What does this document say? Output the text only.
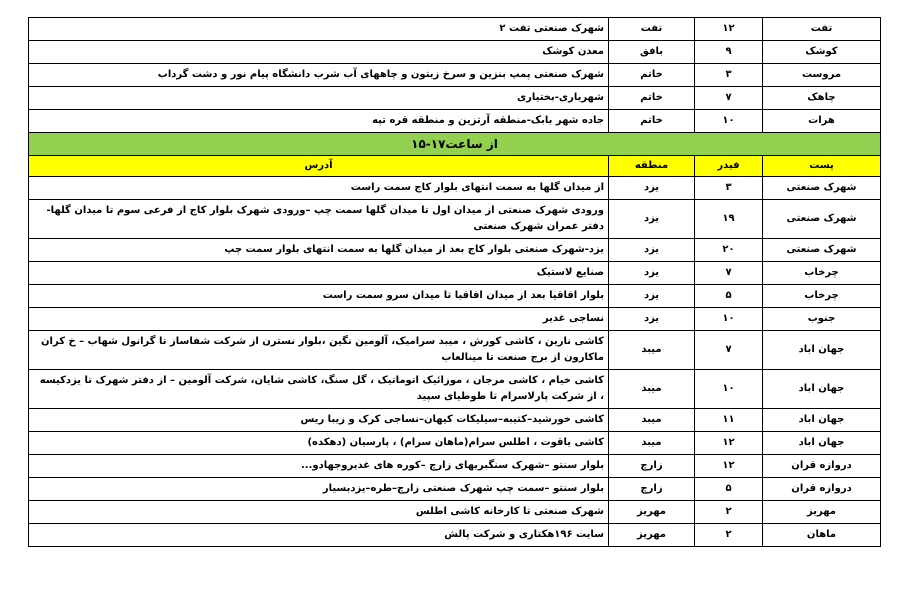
تفت	۱۲	تفت	شهرک صنعتی تفت ۲
کوشک	۹	بافق	معدن کوشک
مروست	۳	خاتم	شهرک صنعتی پمپ بنزین و سرخ زیتون و چاههای آب شرب دانشگاه پیام نور و دشت گرداب
چاهک	۷	خاتم	شهریاری-بختیاری
هرات	۱۰	خاتم	جاده شهر بابک-منطقه آرتزین و منطقه قره تپه
از ساعت۱۷-۱۵			
پست	فیدر	منطقه	آدرس
شهرک صنعتی	۳	یزد	از میدان گلها به سمت انتهای بلوار کاج سمت راست
شهرک صنعتی	۱۹	یزد	ورودی شهرک صنعتی از میدان اول تا میدان گلها سمت چپ –ورودی شهرک بلوار کاج از فرعی سوم تا میدان گلها-دفتر عمران شهرک صنعتی
شهرک صنعتی	۲۰	یزد	یزد-شهرک صنعتی بلوار کاج بعد از میدان گلها به سمت انتهای بلوار سمت چپ
چرخاب	۷	یزد	صنایع لاستیک
چرخاب	۵	یزد	بلوار اقاقیا بعد از میدان اقاقیا تا میدان سرو سمت راست
جنوب	۱۰	یزد	نساجی غدیر
جهان اباد	۷	میبد	کاشی نارین ، کاشی کورش ، میبد سرامیک، آلومین نگین ،بلوار نسترن از شرکت شفاساز تا گرانول شهاب – خ کران ماکارون از برج صنعت تا مینالعاب
جهان اباد	۱۰	میبد	کاشی خیام ، کاشی مرجان ، موزائیک اتوماتیک ، گل سنگ، کاشی شایان، شرکت آلومین – از دفتر شهرک تا یزدکیسه ، از شرکت پارلاسرام تا طوطیای سپید
جهان اباد	۱۱	میبد	کاشی خورشید–کتیبه–سیلیکات کیهان–نساجی کرک و زیبا ریس
جهان اباد	۱۲	میبد	کاشی یاقوت ، اطلس سرام(ماهان سرام) ، پارسیان (دهکده)
دروازه قران	۱۲	زارچ	بلوار سنتو –شهرک سنگبریهای زارچ –کوره های غدیروجهادو...
دروازه قران	۵	زارچ	بلوار سنتو –سمت چپ شهرک صنعتی زارچ–طره–یزدبسیار
مهریز	۲	مهریز	شهرک صنعتی تا کارخانه کاشی اطلس
ماهان	۲	مهریز	سایت ۱۹۶هکتاری و شرکت پالش
